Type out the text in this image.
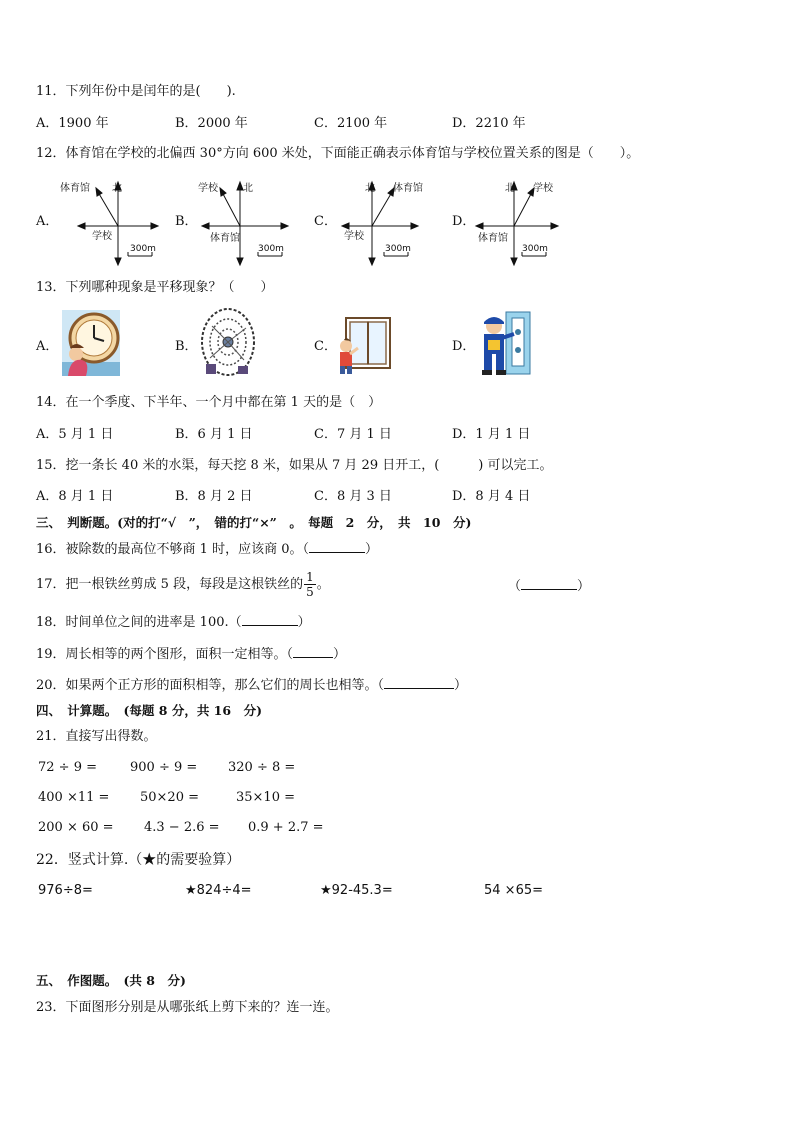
11．下列年份中是闰年的是(　　).
A．1900 年	B．2000 年	C．2100 年	D．2210 年
12．体育馆在学校的北偏西 30°方向 600 米处，下面能正确表示体育馆与学校位置关系的图是（　　）。
A．	B．	C．	D．
体育馆 北
学校
300m
学校	北
体育馆
300m
北 体育馆
学校
300m
北 学校
体育馆
300m
13．下列哪种现象是平移现象？（　　）
A．	B．	C．	D．
14．在一个季度、下半年、一个月中都在第 1 天的是（　）
A．5 月 1 日	B．6 月 1 日	C．7 月 1 日	D．1 月 1 日
15．挖一条长 40 米的水渠，每天挖 8 米，如果从 7 月 29 日开工，(　　　) 可以完工。
A．8 月 1 日	B．8 月 2 日	C．8 月 3 日	D．8 月 4 日
三、　判断题。(对的打“√　”，　错的打“×”　。　每题　2　分，　共　10　分)
16．被除数的最高位不够商 1 时，应该商 0。（	）
17．把一根铁丝剪成 5 段，每段是这根铁丝的 $\frac{1}{5}$ 。	（	）
18．时间单位之间的进率是 100.（	）
19．周长相等的两个图形，面积一定相等。（	）
20．如果两个正方形的面积相等，那么它们的周长也相等。（	）
四、　计算题。　(每题 8 分，共 16　分)
21．直接写出得数。
72 ÷ 9 =	900 ÷ 9 = 320 ÷ 8 =
400 ×11 = 50×20 =	35×10 =
200 × 60 = 4.3 − 2.6 = 0.9 + 2.7 =
22．竖式计算.（★的需要验算）
976÷8=	★824÷4=	★92-45.3=	54 ×65=
五、　作图题。　(共 8　分)
23．下面图形分别是从哪张纸上剪下来的？连一连。
